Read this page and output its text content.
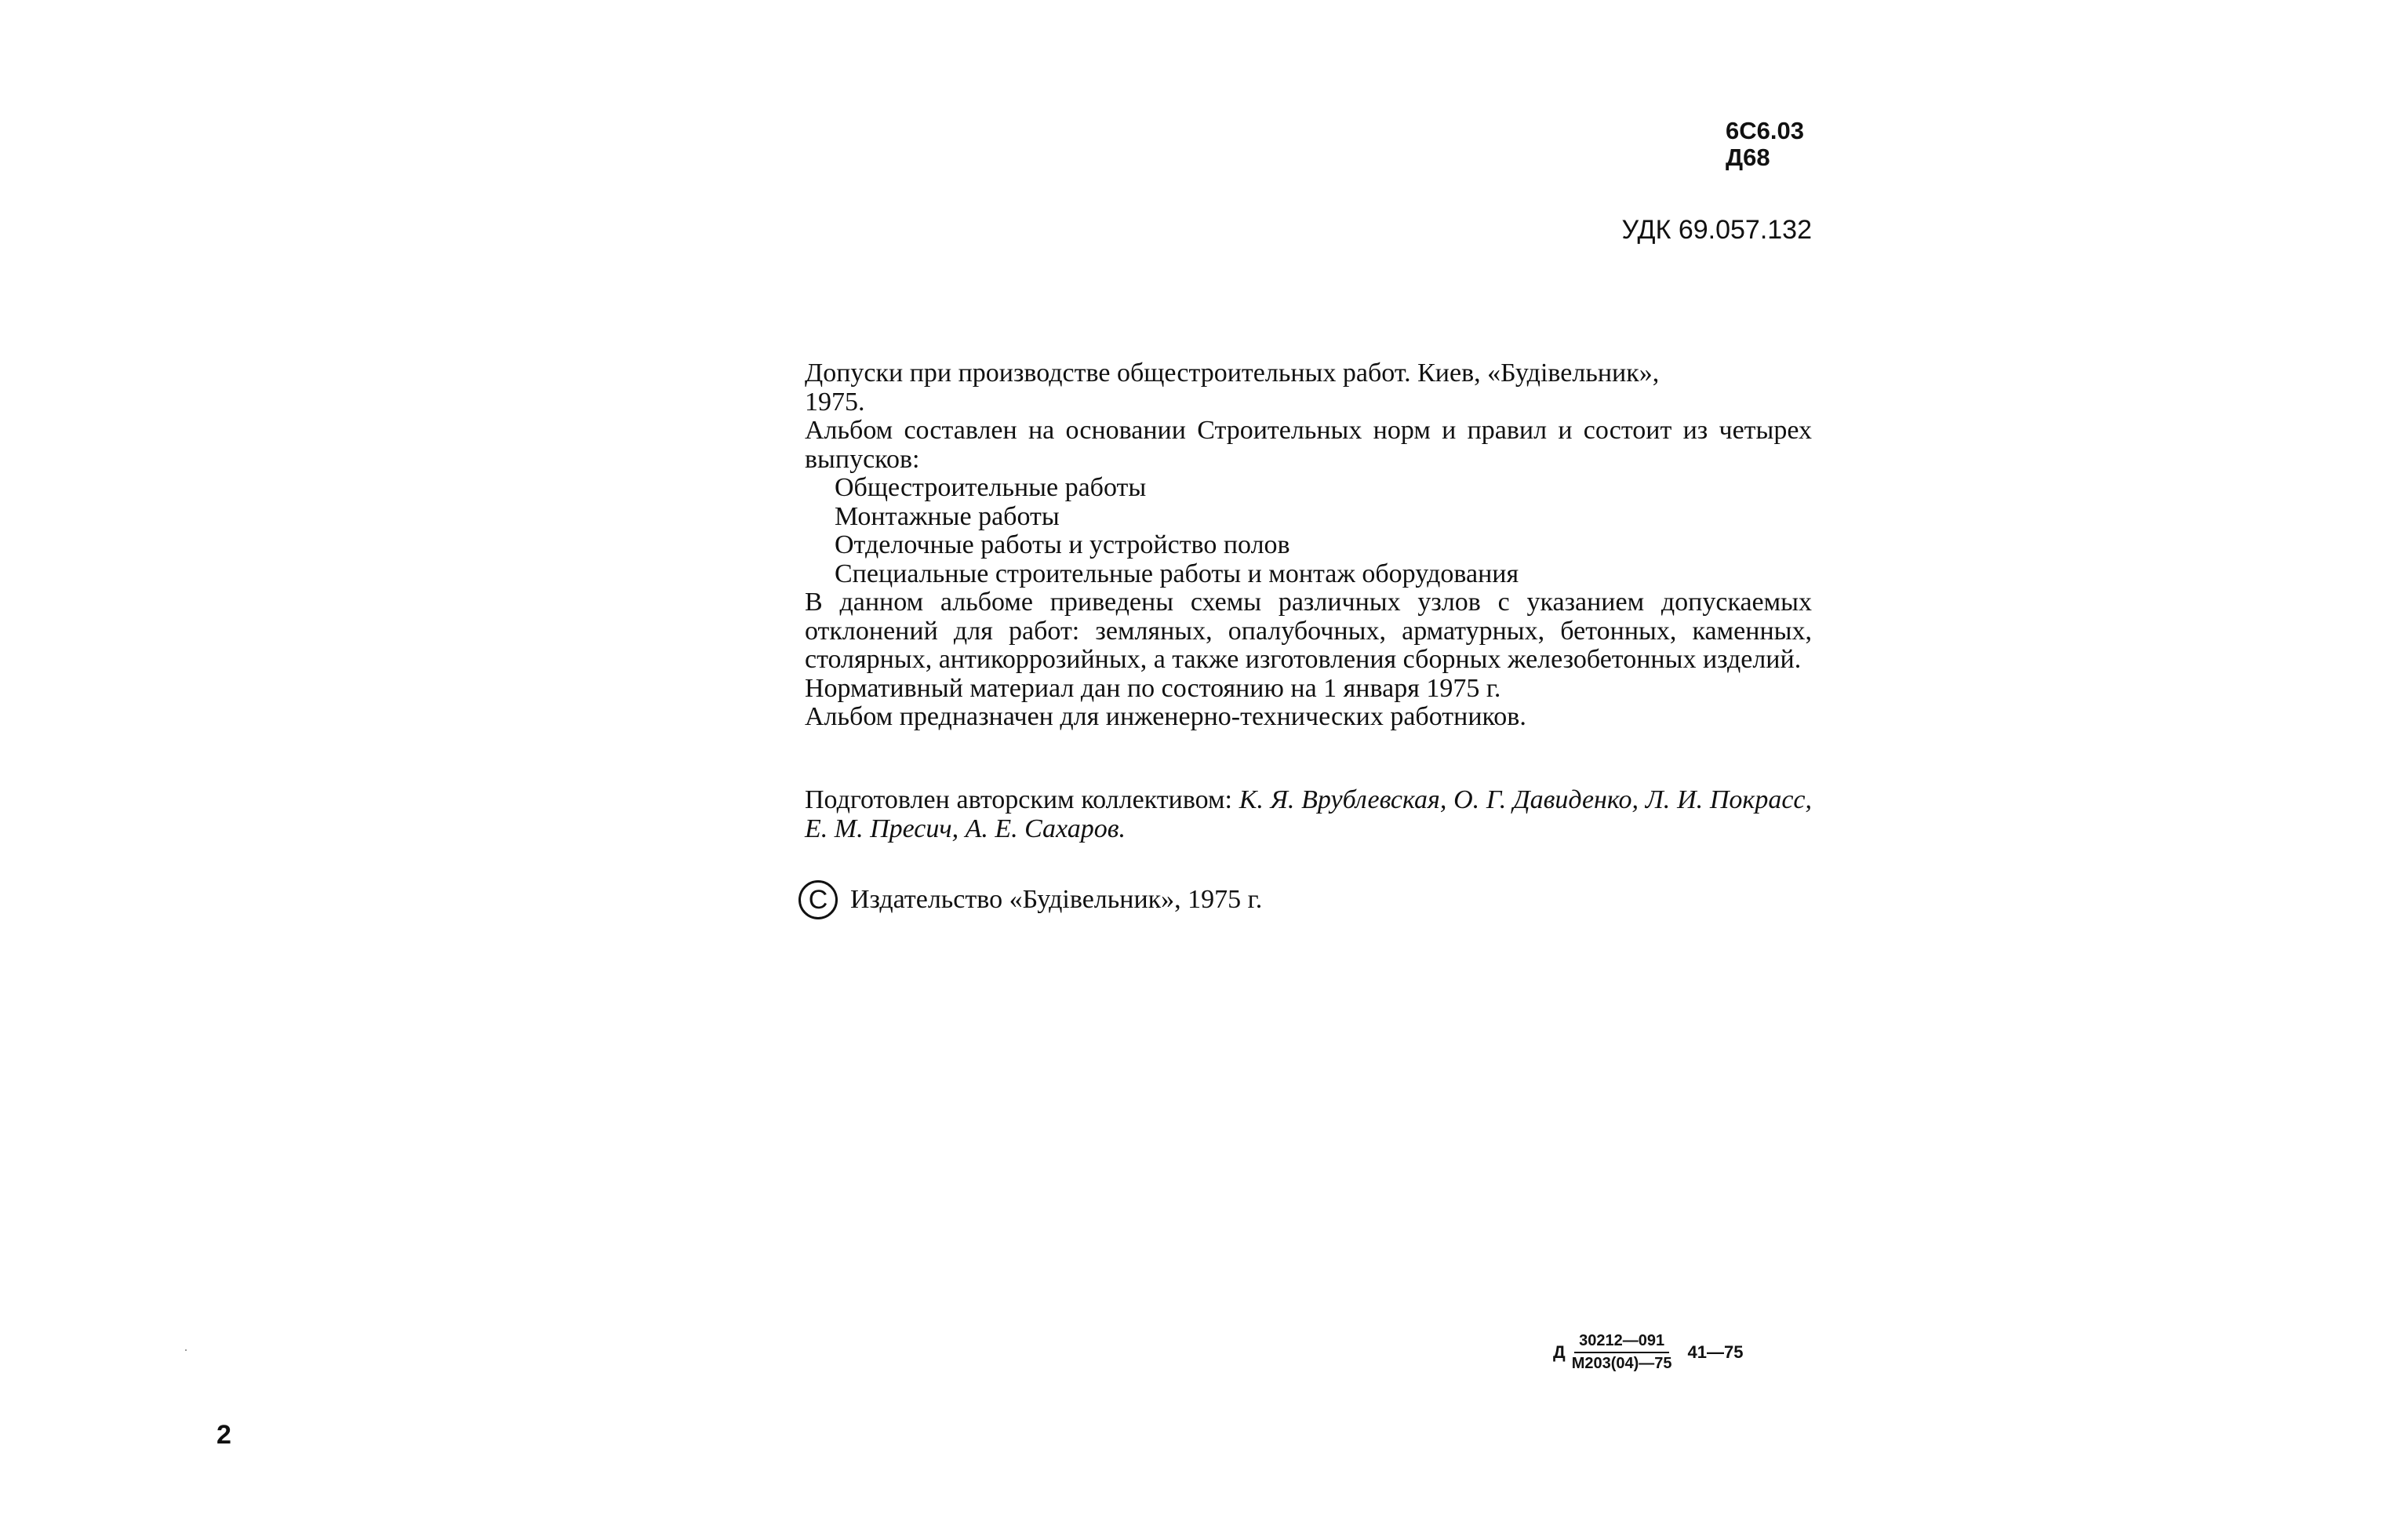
6С6.03
Д68
УДК 69.057.132

Допуски при производстве общестроительных работ. Киев, «Будівельник»,

1975.

Альбом составлен на основании Строительных норм и правил и состоит из четырех выпусков:

Общестроительные работы

Монтажные работы

Отделочные работы и устройство полов

Специальные строительные работы и монтаж оборудования

В данном альбоме приведены схемы различных узлов с указанием допускаемых отклонений для работ: земляных, опалубочных, арматурных, бетонных, каменных, столярных, антикоррозийных, а также изготовления сборных железобетонных изделий.

Нормативный материал дан по состоянию на 1 января 1975 г.

Альбом предназначен для инженерно-технических работников.

Подготовлен авторским коллективом: К. Я. Врублевская, О. Г. Давиденко, Л. И. Покрасс, Е. М. Пресич, А. Е. Сахаров.

C Издательство «Будівельник», 1975 г.
Д $\frac{30212—091}{М203(04)—75}$ 41—75
2
